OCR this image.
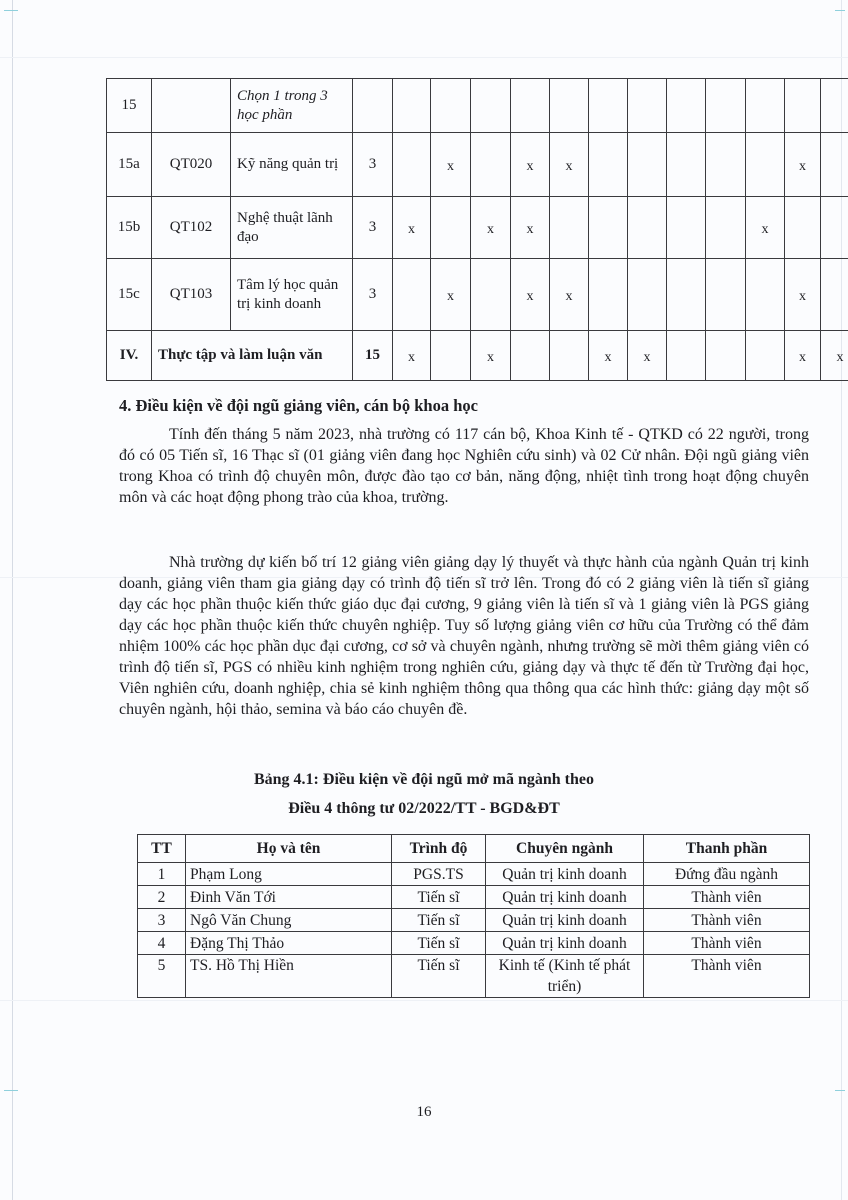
15		Chọn 1 trong 3 học phần													
15a	QT020	Kỹ năng quản trị	3		x		x	x						x	
15b	QT102	Nghệ thuật lãnh đạo	3	x		x	x						x		
15c	QT103	Tâm lý học quản trị kinh doanh	3		x		x	x						x	
IV.	Thực tập và làm luận văn		15	x		x			x	x				x	x
4. Điều kiện về đội ngũ giảng viên, cán bộ khoa học
Tính đến tháng 5 năm 2023, nhà trường có 117 cán bộ, Khoa Kinh tế - QTKD có 22 người, trong đó có 05 Tiến sĩ, 16 Thạc sĩ (01 giảng viên đang học Nghiên cứu sinh) và 02 Cử nhân. Đội ngũ giảng viên trong Khoa có trình độ chuyên môn, được đào tạo cơ bản, năng động, nhiệt tình trong hoạt động chuyên môn và các hoạt động phong trào của khoa, trường.
Nhà trường dự kiến bố trí 12 giảng viên giảng dạy lý thuyết và thực hành của ngành Quản trị kinh doanh, giảng viên tham gia giảng dạy có trình độ tiến sĩ trở lên. Trong đó có 2 giảng viên là tiến sĩ giảng dạy các học phần thuộc kiến thức giáo dục đại cương, 9 giảng viên là tiến sĩ và 1 giảng viên là PGS giảng dạy các học phần thuộc kiến thức chuyên nghiệp. Tuy số lượng giảng viên cơ hữu của Trường có thể đảm nhiệm 100% các học phần dục đại cương, cơ sở và chuyên ngành, nhưng trường sẽ mời thêm giảng viên có trình độ tiến sĩ, PGS có nhiều kinh nghiệm trong nghiên cứu, giảng dạy và thực tế đến từ Trường đại học, Viên nghiên cứu, doanh nghiệp, chia sẻ kinh nghiệm thông qua thông qua các hình thức: giảng dạy một số chuyên ngành, hội thảo, semina và báo cáo chuyên đề.
Bảng 4.1: Điều kiện về đội ngũ mở mã ngành theo
Điều 4 thông tư 02/2022/TT - BGD&ĐT
TT	Họ và tên	Trình độ	Chuyên ngành	Thanh phần
1	Phạm Long	PGS.TS	Quản trị kinh doanh	Đứng đầu ngành
2	Đinh Văn Tới	Tiến sĩ	Quản trị kinh doanh	Thành viên
3	Ngô Văn Chung	Tiến sĩ	Quản trị kinh doanh	Thành viên
4	Đặng Thị Thảo	Tiến sĩ	Quản trị kinh doanh	Thành viên
5	TS. Hồ Thị Hiền	Tiến sĩ	Kinh tế (Kinh tế phát triển)	Thành viên
16
